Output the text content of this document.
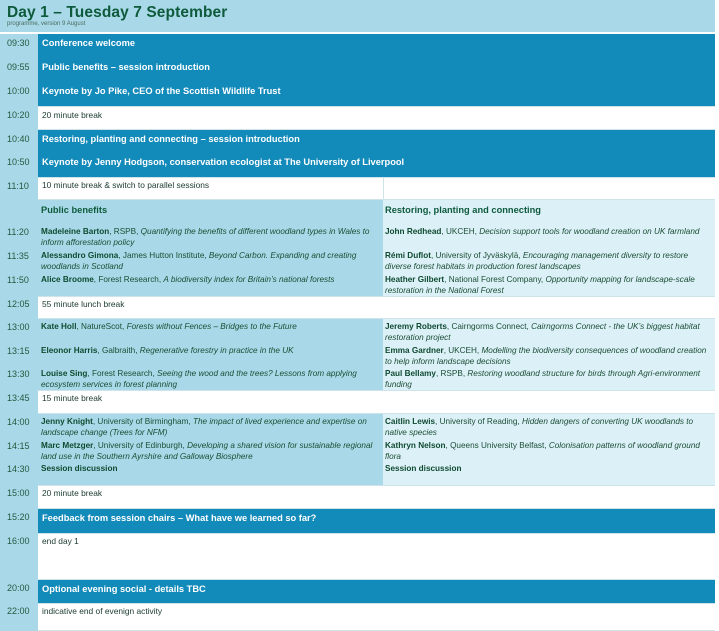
Day 1 – Tuesday 7 September
programme, version 9 August
09:30
09:55
10:00
10:20
10:40
10:50
11:10
11:20
11:35
11:50
12:05
13:00
13:15
13:30
13:45
14:00
14:15
14:30
15:00
15:20
16:00
20:00
22:00
Conference welcome
Public benefits – session introduction
Keynote by Jo Pike, CEO of the Scottish Wildlife Trust
20 minute break
Restoring, planting and connecting – session introduction
Keynote by Jenny Hodgson, conservation ecologist at The University of Liverpool
10 minute break & switch to parallel sessions
Public benefits	Restoring, planting and connecting
Madeleine Barton, RSPB, Quantifying the benefits of different woodland types in Wales to inform afforestation policy
Alessandro Gimona, James Hutton Institute, Beyond Carbon. Expanding and creating woodlands in Scotland
Alice Broome, Forest Research, A biodiversity index for Britain’s national forests
John Redhead, UKCEH, Decision support tools for woodland creation on UK farmland
Rémi Duflot, University of Jyväskylä, Encouraging management diversity to restore diverse forest habitats in production forest landscapes
Heather Gilbert, National Forest Company, Opportunity mapping for landscape-scale restoration in the National Forest
55 minute lunch break
Kate Holl, NatureScot, Forests without Fences – Bridges to the Future
Eleonor Harris, Galbraith, Regenerative forestry in practice in the UK
Louise Sing, Forest Research, Seeing the wood and the trees? Lessons from applying ecosystem services in forest planning
Jeremy Roberts, Cairngorms Connect, Cairngorms Connect - the UK’s biggest habitat restoration project
Emma Gardner, UKCEH, Modelling the biodiversity consequences of woodland creation to help inform landscape decisions
Paul Bellamy, RSPB, Restoring woodland structure for birds through Agri-environment funding
15 minute break
Jenny Knight, University of Birmingham, The impact of lived experience and expertise on landscape change (Trees for NFM)
Marc Metzger, University of Edinburgh, Developing a shared vision for sustainable regional land use in the Southern Ayrshire and Galloway Biosphere
Session discussion
Caitlin Lewis, University of Reading, Hidden dangers of converting UK woodlands to native species
Kathryn Nelson, Queens University Belfast, Colonisation patterns of woodland ground flora
Session discussion
20 minute break
Feedback from session chairs – What have we learned so far?
end day 1
Optional evening social - details TBC
indicative end of evenign activity
